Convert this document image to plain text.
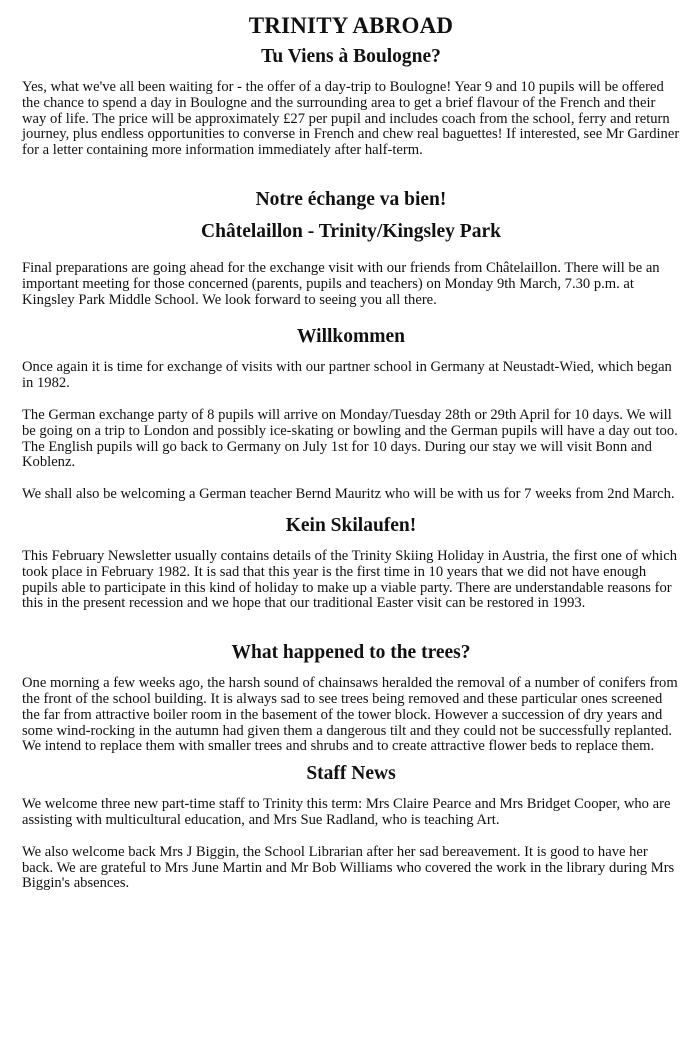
TRINITY ABROAD
Tu Viens à Boulogne?

Yes, what we've all been waiting for - the offer of a day-trip to Boulogne! Year 9 and 10 pupils will be offered the chance to spend a day in Boulogne and the surrounding area to get a brief flavour of the French and their way of life. The price will be approximately £27 per pupil and includes coach from the school, ferry and return journey, plus endless opportunities to converse in French and chew real baguettes! If interested, see Mr Gardiner for a letter containing more information immediately after half-term.

Notre échange va bien!
Châtelaillon - Trinity/Kingsley Park

Final preparations are going ahead for the exchange visit with our friends from Châtelaillon. There will be an important meeting for those concerned (parents, pupils and teachers) on Monday 9th March, 7.30 p.m. at Kingsley Park Middle School. We look forward to seeing you all there.

Willkommen

Once again it is time for exchange of visits with our partner school in Germany at Neustadt-Wied, which began in 1982.

The German exchange party of 8 pupils will arrive on Monday/Tuesday 28th or 29th April for 10 days. We will be going on a trip to London and possibly ice-skating or bowling and the German pupils will have a day out too. The English pupils will go back to Germany on July 1st for 10 days. During our stay we will visit Bonn and Koblenz.

We shall also be welcoming a German teacher Bernd Mauritz who will be with us for 7 weeks from 2nd March.

Kein Skilaufen!

This February Newsletter usually contains details of the Trinity Skiing Holiday in Austria, the first one of which took place in February 1982. It is sad that this year is the first time in 10 years that we did not have enough pupils able to participate in this kind of holiday to make up a viable party. There are understandable reasons for this in the present recession and we hope that our traditional Easter visit can be restored in 1993.

What happened to the trees?

One morning a few weeks ago, the harsh sound of chainsaws heralded the removal of a number of conifers from the front of the school building. It is always sad to see trees being removed and these particular ones screened the far from attractive boiler room in the basement of the tower block. However a succession of dry years and some wind-rocking in the autumn had given them a dangerous tilt and they could not be successfully replanted. We intend to replace them with smaller trees and shrubs and to create attractive flower beds to replace them.

Staff News

We welcome three new part-time staff to Trinity this term: Mrs Claire Pearce and Mrs Bridget Cooper, who are assisting with multicultural education, and Mrs Sue Radland, who is teaching Art.

We also welcome back Mrs J Biggin, the School Librarian after her sad bereavement. It is good to have her back. We are grateful to Mrs June Martin and Mr Bob Williams who covered the work in the library during Mrs Biggin's absences.
